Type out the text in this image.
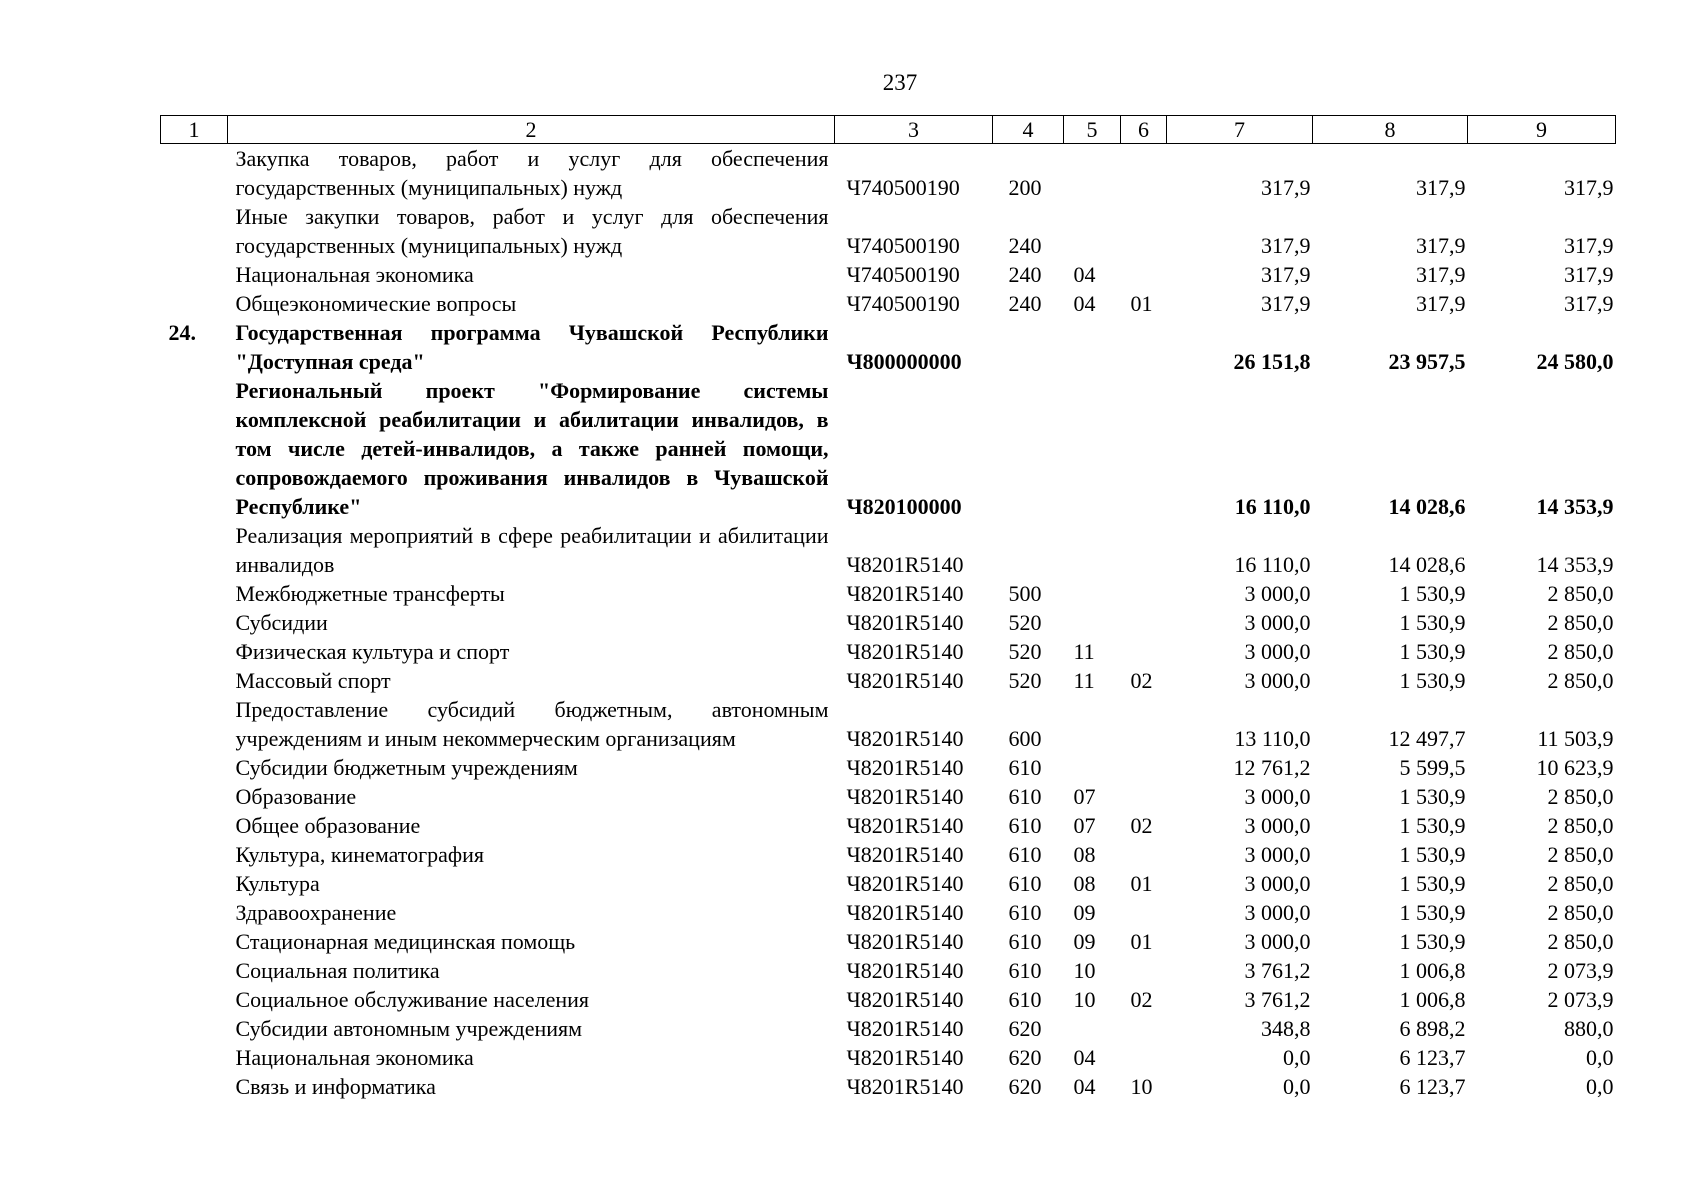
237
1	2	3	4	5	6	7	8	9
	Закупка товаров, работ и услуг для обеспечения государственных (муниципальных) нужд	Ч740500190	200			317,9	317,9	317,9
	Иные закупки товаров, работ и услуг для обеспечения государственных (муниципальных) нужд	Ч740500190	240			317,9	317,9	317,9
	Национальная экономика	Ч740500190	240	04		317,9	317,9	317,9
	Общеэкономические вопросы	Ч740500190	240	04	01	317,9	317,9	317,9
24.	Государственная программа Чувашской Республики "Доступная среда"	Ч800000000				26 151,8	23 957,5	24 580,0
	Региональный проект "Формирование системы комплексной реабилитации и абилитации инвалидов, в том числе детей-инвалидов, а также ранней помощи, сопровождаемого проживания инвалидов в Чувашской Республике"	Ч820100000				16 110,0	14 028,6	14 353,9
	Реализация мероприятий в сфере реабилитации и абилитации инвалидов	Ч8201R5140				16 110,0	14 028,6	14 353,9
	Межбюджетные трансферты	Ч8201R5140	500			3 000,0	1 530,9	2 850,0
	Субсидии	Ч8201R5140	520			3 000,0	1 530,9	2 850,0
	Физическая культура и спорт	Ч8201R5140	520	11		3 000,0	1 530,9	2 850,0
	Массовый спорт	Ч8201R5140	520	11	02	3 000,0	1 530,9	2 850,0
	Предоставление субсидий бюджетным, автономным учреждениям и иным некоммерческим организациям	Ч8201R5140	600			13 110,0	12 497,7	11 503,9
	Субсидии бюджетным учреждениям	Ч8201R5140	610			12 761,2	5 599,5	10 623,9
	Образование	Ч8201R5140	610	07		3 000,0	1 530,9	2 850,0
	Общее образование	Ч8201R5140	610	07	02	3 000,0	1 530,9	2 850,0
	Культура, кинематография	Ч8201R5140	610	08		3 000,0	1 530,9	2 850,0
	Культура	Ч8201R5140	610	08	01	3 000,0	1 530,9	2 850,0
	Здравоохранение	Ч8201R5140	610	09		3 000,0	1 530,9	2 850,0
	Стационарная медицинская помощь	Ч8201R5140	610	09	01	3 000,0	1 530,9	2 850,0
	Социальная политика	Ч8201R5140	610	10		3 761,2	1 006,8	2 073,9
	Социальное обслуживание населения	Ч8201R5140	610	10	02	3 761,2	1 006,8	2 073,9
	Субсидии автономным учреждениям	Ч8201R5140	620			348,8	6 898,2	880,0
	Национальная экономика	Ч8201R5140	620	04		0,0	6 123,7	0,0
	Связь и информатика	Ч8201R5140	620	04	10	0,0	6 123,7	0,0
